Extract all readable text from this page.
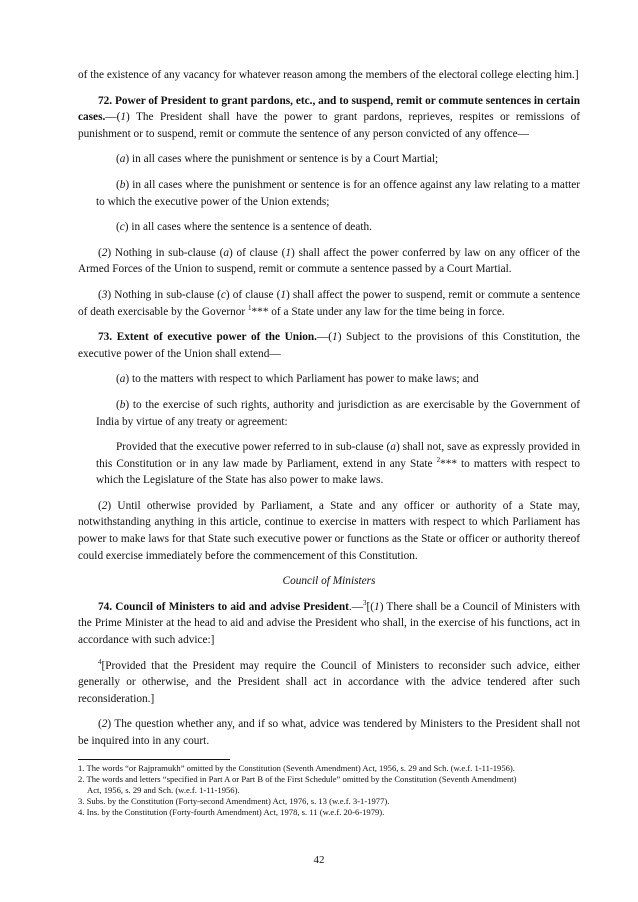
of the existence of any vacancy for whatever reason among the members of the electoral college electing him.]

72. Power of President to grant pardons, etc., and to suspend, remit or commute sentences in certain cases.—(1) The President shall have the power to grant pardons, reprieves, respites or remissions of punishment or to suspend, remit or commute the sentence of any person convicted of any offence—

(a) in all cases where the punishment or sentence is by a Court Martial;

(b) in all cases where the punishment or sentence is for an offence against any law relating to a matter to which the executive power of the Union extends;

(c) in all cases where the sentence is a sentence of death.

(2) Nothing in sub-clause (a) of clause (1) shall affect the power conferred by law on any officer of the Armed Forces of the Union to suspend, remit or commute a sentence passed by a Court Martial.

(3) Nothing in sub-clause (c) of clause (1) shall affect the power to suspend, remit or commute a sentence of death exercisable by the Governor $^1$*** of a State under any law for the time being in force.

73. Extent of executive power of the Union.—(1) Subject to the provisions of this Constitution, the executive power of the Union shall extend—

(a) to the matters with respect to which Parliament has power to make laws; and

(b) to the exercise of such rights, authority and jurisdiction as are exercisable by the Government of India by virtue of any treaty or agreement:

Provided that the executive power referred to in sub-clause (a) shall not, save as expressly provided in this Constitution or in any law made by Parliament, extend in any State $^2$*** to matters with respect to which the Legislature of the State has also power to make laws.

(2) Until otherwise provided by Parliament, a State and any officer or authority of a State may, notwithstanding anything in this article, continue to exercise in matters with respect to which Parliament has power to make laws for that State such executive power or functions as the State or officer or authority thereof could exercise immediately before the commencement of this Constitution.

Council of Ministers

74. Council of Ministers to aid and advise President.—$^3$[(1) There shall be a Council of Ministers with the Prime Minister at the head to aid and advise the President who shall, in the exercise of his functions, act in accordance with such advice:]

$^4$[Provided that the President may require the Council of Ministers to reconsider such advice, either generally or otherwise, and the President shall act in accordance with the advice tendered after such reconsideration.]

(2) The question whether any, and if so what, advice was tendered by Ministers to the President shall not be inquired into in any court.

1. The words “or Rajpramukh” omitted by the Constitution (Seventh Amendment) Act, 1956, s. 29 and Sch. (w.e.f. 1-11-1956).

2. The words and letters “specified in Part A or Part B of the First Schedule” omitted by the Constitution (Seventh Amendment)

Act, 1956, s. 29 and Sch. (w.e.f. 1-11-1956).

3. Subs. by the Constitution (Forty-second Amendment) Act, 1976, s. 13 (w.e.f. 3-1-1977).

4. Ins. by the Constitution (Forty-fourth Amendment) Act, 1978, s. 11 (w.e.f. 20-6-1979).

42
